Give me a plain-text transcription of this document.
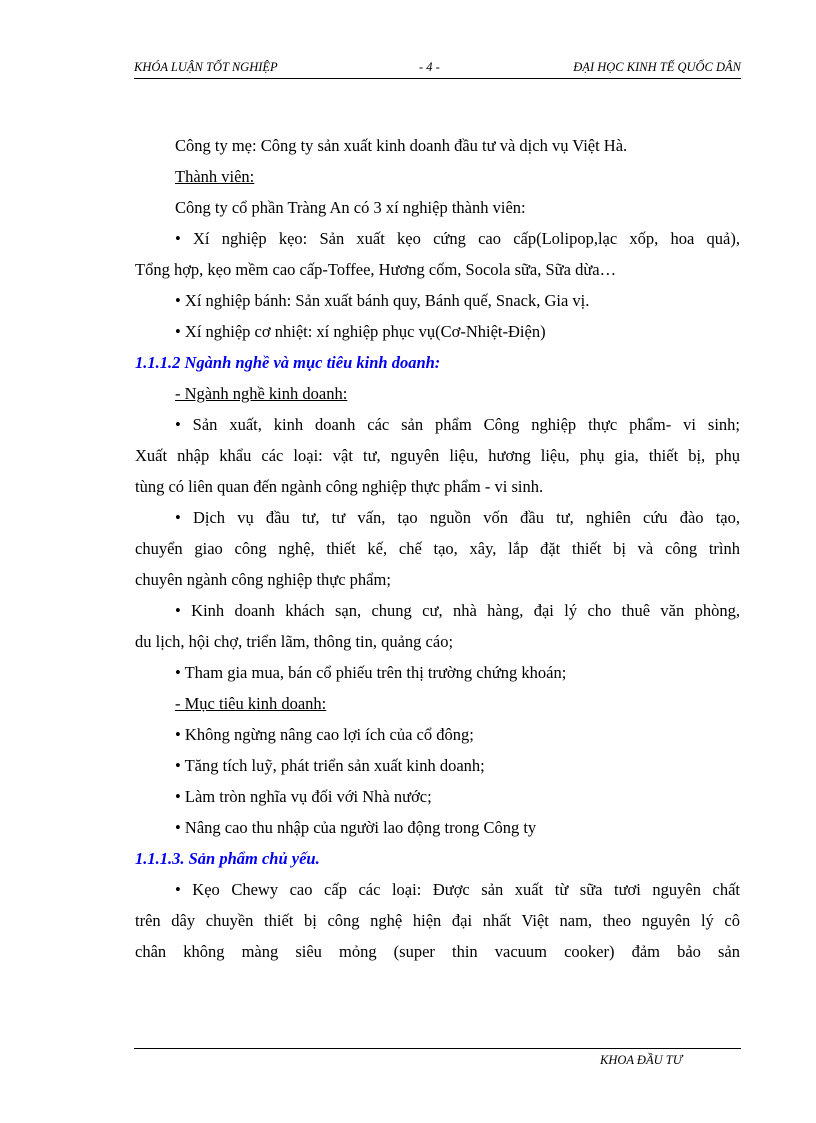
KHÓA LUẬN TỐT NGHIỆP	- 4 -	ĐẠI HỌC KINH TẾ QUỐC DÂN
Công ty mẹ: Công ty sản xuất kinh doanh đầu tư và dịch vụ Việt Hà.
Thành viên:
Công ty cổ phần Tràng An có 3 xí nghiệp thành viên:
• Xí nghiệp kẹo: Sản xuất kẹo cứng cao cấp(Lolipop,lạc xốp, hoa quả),
Tổng hợp, kẹo mềm cao cấp-Toffee, Hương cốm, Socola sữa, Sữa dừa…
• Xí nghiệp bánh: Sản xuất bánh quy, Bánh quế, Snack, Gia vị.
• Xí nghiệp cơ nhiệt: xí nghiệp phục vụ(Cơ-Nhiệt-Điện)
1.1.1.2 Ngành nghề và mục tiêu kinh doanh:
- Ngành nghề kinh doanh:
• Sản xuất, kinh doanh các sản phẩm Công nghiệp thực phẩm- vi sinh;
Xuất nhập khẩu các loại: vật tư, nguyên liệu, hương liệu, phụ gia, thiết bị, phụ
tùng có liên quan đến ngành công nghiệp thực phẩm - vi sinh.
• Dịch vụ đầu tư, tư vấn, tạo nguồn vốn đầu tư, nghiên cứu đào tạo,
chuyển giao công nghệ, thiết kế, chế tạo, xây, lắp đặt thiết bị và công trình
chuyên ngành công nghiệp thực phẩm;
• Kinh doanh khách sạn, chung cư, nhà hàng, đại lý cho thuê văn phòng,
du lịch, hội chợ, triển lãm, thông tin, quảng cáo;
• Tham gia mua, bán cổ phiếu trên thị trường chứng khoán;
- Mục tiêu kinh doanh:
• Không ngừng nâng cao lợi ích của cổ đông;
• Tăng tích luỹ, phát triển sản xuất kinh doanh;
• Làm tròn nghĩa vụ đối với Nhà nước;
• Nâng cao thu nhập của người lao động trong Công ty
1.1.1.3. Sản phẩm chủ yếu.
• Kẹo Chewy cao cấp các loại: Được sản xuất từ sữa tươi nguyên chất
trên dây chuyền thiết bị công nghệ hiện đại nhất Việt nam, theo nguyên lý cô
chân không màng siêu mỏng (super thin vacuum cooker) đảm bảo sản
KHOA ĐẦU TƯ
